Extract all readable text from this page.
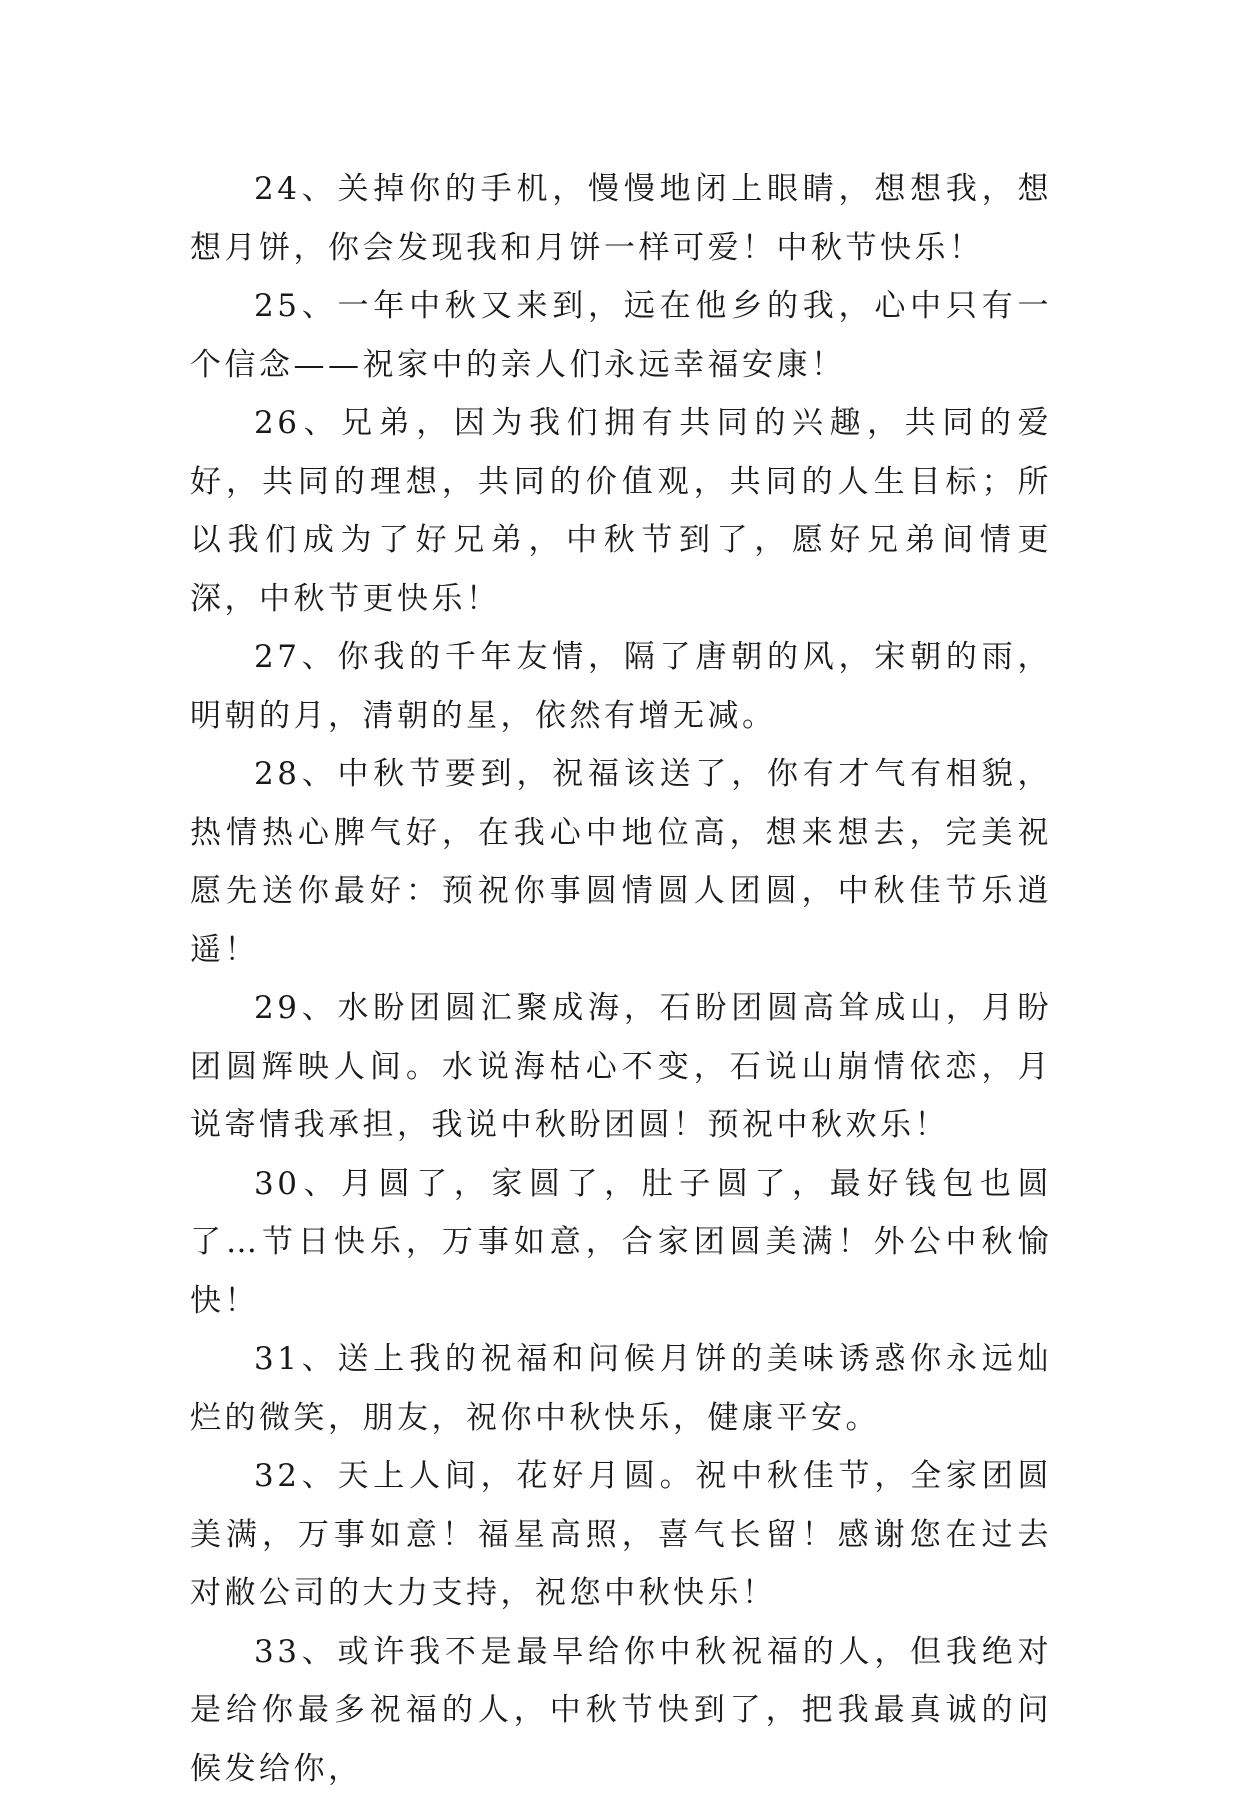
24、关掉你的手机，慢慢地闭上眼睛，想想我，想想月饼，你会发现我和月饼一样可爱！中秋节快乐！

25、一年中秋又来到，远在他乡的我，心中只有一个信念——祝家中的亲人们永远幸福安康！

26、兄弟，因为我们拥有共同的兴趣，共同的爱好，共同的理想，共同的价值观，共同的人生目标；所以我们成为了好兄弟，中秋节到了，愿好兄弟间情更深，中秋节更快乐！

27、你我的千年友情，隔了唐朝的风，宋朝的雨，明朝的月，清朝的星，依然有增无减。

28、中秋节要到，祝福该送了，你有才气有相貌，热情热心脾气好，在我心中地位高，想来想去，完美祝愿先送你最好：预祝你事圆情圆人团圆，中秋佳节乐逍遥！

29、水盼团圆汇聚成海，石盼团圆高耸成山，月盼团圆辉映人间。水说海枯心不变，石说山崩情依恋，月说寄情我承担，我说中秋盼团圆！预祝中秋欢乐！

30、月圆了，家圆了，肚子圆了，最好钱包也圆了…节日快乐，万事如意，合家团圆美满！外公中秋愉快！

31、送上我的祝福和问候月饼的美味诱惑你永远灿烂的微笑，朋友，祝你中秋快乐，健康平安。

32、天上人间，花好月圆。祝中秋佳节，全家团圆美满，万事如意！福星高照，喜气长留！感谢您在过去对敝公司的大力支持，祝您中秋快乐！

33、或许我不是最早给你中秋祝福的人，但我绝对是给你最多祝福的人，中秋节快到了，把我最真诚的问候发给你，
